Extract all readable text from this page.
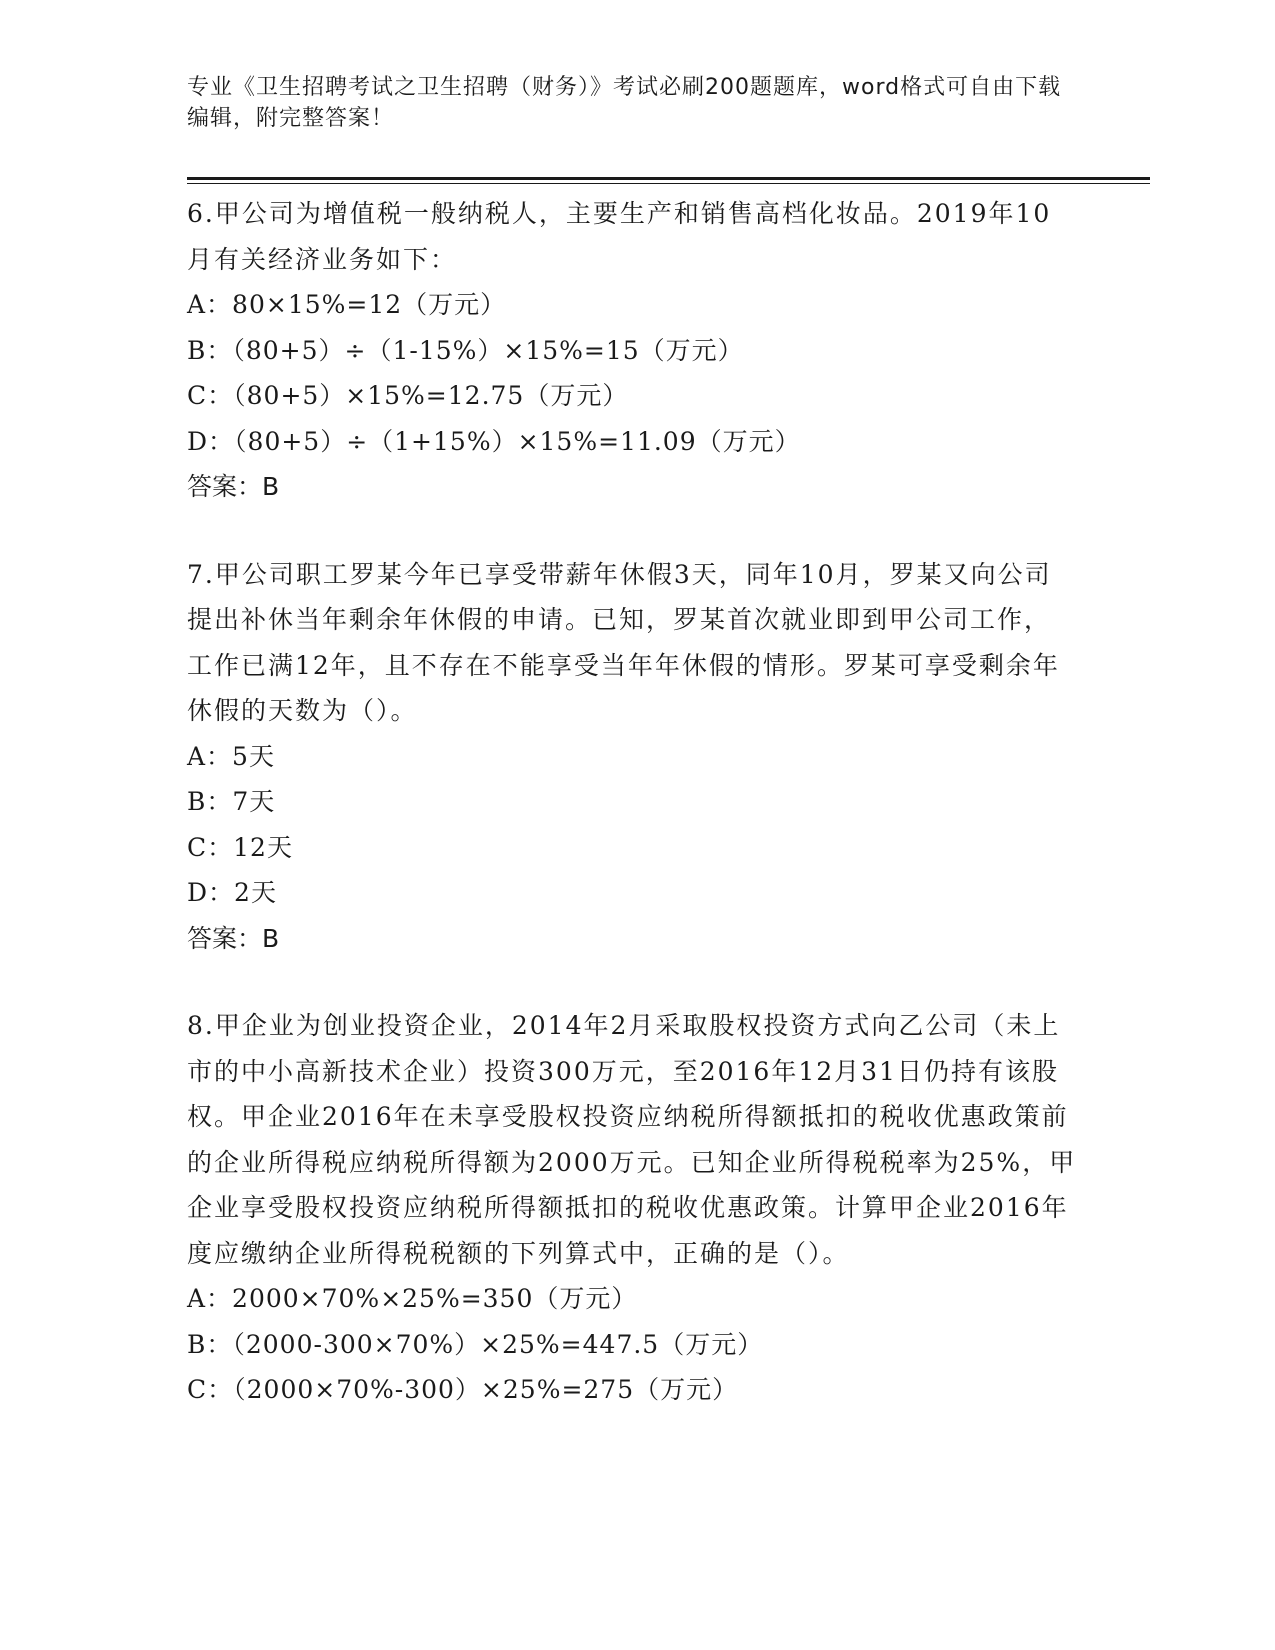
专业《卫生招聘考试之卫生招聘（财务）》考试必刷200题题库，word格式可自由下载编辑，附完整答案！

6.甲公司为增值税一般纳税人，主要生产和销售高档化妆品。2019年10月有关经济业务如下：

A：80×15%=12（万元）

B：（80+5）÷（1-15%）×15%=15（万元）

C：（80+5）×15%=12.75（万元）

D：（80+5）÷（1+15%）×15%=11.09（万元）

答案：B

7.甲公司职工罗某今年已享受带薪年休假3天，同年10月，罗某又向公司提出补休当年剩余年休假的申请。已知，罗某首次就业即到甲公司工作，工作已满12年，且不存在不能享受当年年休假的情形。罗某可享受剩余年休假的天数为（）。

A：5天

B：7天

C：12天

D：2天

答案：B

8.甲企业为创业投资企业，2014年2月采取股权投资方式向乙公司（未上市的中小高新技术企业）投资300万元，至2016年12月31日仍持有该股权。甲企业2016年在未享受股权投资应纳税所得额抵扣的税收优惠政策前的企业所得税应纳税所得额为2000万元。已知企业所得税税率为25%，甲企业享受股权投资应纳税所得额抵扣的税收优惠政策。计算甲企业2016年度应缴纳企业所得税税额的下列算式中，正确的是（）。

A：2000×70%×25%=350（万元）

B：（2000-300×70%）×25%=447.5（万元）

C：（2000×70%-300）×25%=275（万元）
